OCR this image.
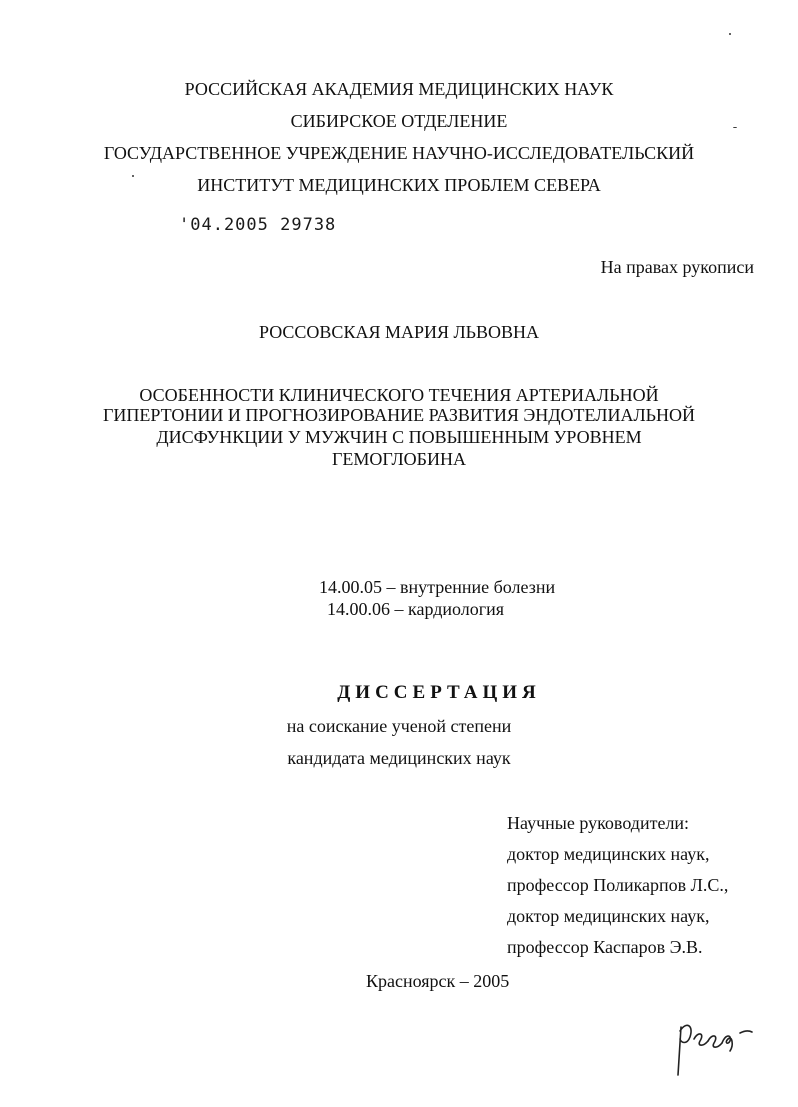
РОССИЙСКАЯ АКАДЕМИЯ МЕДИЦИНСКИХ НАУК
СИБИРСКОЕ ОТДЕЛЕНИЕ
ГОСУДАРСТВЕННОЕ УЧРЕЖДЕНИЕ НАУЧНО-ИССЛЕДОВАТЕЛЬСКИЙ
ИНСТИТУТ МЕДИЦИНСКИХ ПРОБЛЕМ СЕВЕРА
'04.2005 29738
На правах рукописи
РОССОВСКАЯ МАРИЯ ЛЬВОВНА
ОСОБЕННОСТИ КЛИНИЧЕСКОГО ТЕЧЕНИЯ АРТЕРИАЛЬНОЙ
ГИПЕРТОНИИ И ПРОГНОЗИРОВАНИЕ РАЗВИТИЯ ЭНДОТЕЛИАЛЬНОЙ
ДИСФУНКЦИИ У МУЖЧИН С ПОВЫШЕННЫМ УРОВНЕМ
ГЕМОГЛОБИНА
14.00.05 – внутренние болезни
14.00.06 – кардиология
ДИССЕРТАЦИЯ
на соискание ученой степени
кандидата медицинских наук
Научные руководители:
доктор медицинских наук,
профессор Поликарпов Л.С.,
доктор медицинских наук,
профессор Каспаров Э.В.
Красноярск – 2005
